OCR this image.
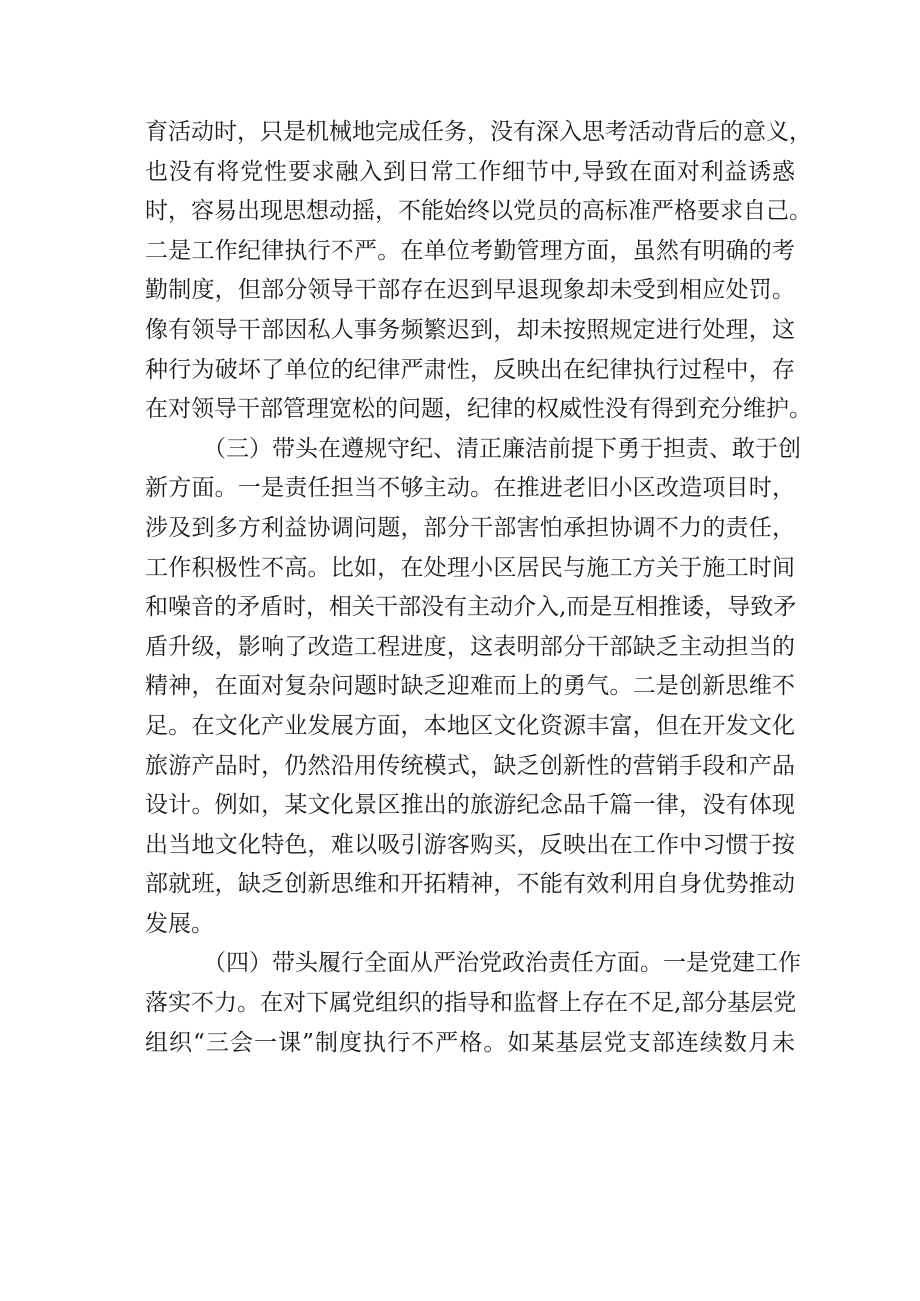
育活动时，只是机械地完成任务，没有深入思考活动背后的意义，
也没有将党性要求融入到日常工作细节中,导致在面对利益诱惑
时，容易出现思想动摇，不能始终以党员的高标准严格要求自己。
二是工作纪律执行不严。在单位考勤管理方面，虽然有明确的考
勤制度，但部分领导干部存在迟到早退现象却未受到相应处罚。
像有领导干部因私人事务频繁迟到，却未按照规定进行处理，这
种行为破坏了单位的纪律严肃性，反映出在纪律执行过程中，存
在对领导干部管理宽松的问题，纪律的权威性没有得到充分维护。
（三）带头在遵规守纪、清正廉洁前提下勇于担责、敢于创
新方面。一是责任担当不够主动。在推进老旧小区改造项目时，
涉及到多方利益协调问题，部分干部害怕承担协调不力的责任，
工作积极性不高。比如，在处理小区居民与施工方关于施工时间
和噪音的矛盾时，相关干部没有主动介入,而是互相推诿，导致矛
盾升级，影响了改造工程进度，这表明部分干部缺乏主动担当的
精神，在面对复杂问题时缺乏迎难而上的勇气。二是创新思维不
足。在文化产业发展方面，本地区文化资源丰富，但在开发文化
旅游产品时，仍然沿用传统模式，缺乏创新性的营销手段和产品
设计。例如，某文化景区推出的旅游纪念品千篇一律，没有体现
出当地文化特色，难以吸引游客购买，反映出在工作中习惯于按
部就班，缺乏创新思维和开拓精神，不能有效利用自身优势推动
发展。
（四）带头履行全面从严治党政治责任方面。一是党建工作
落实不力。在对下属党组织的指导和监督上存在不足,部分基层党
组织“三会一课”制度执行不严格。如某基层党支部连续数月未
